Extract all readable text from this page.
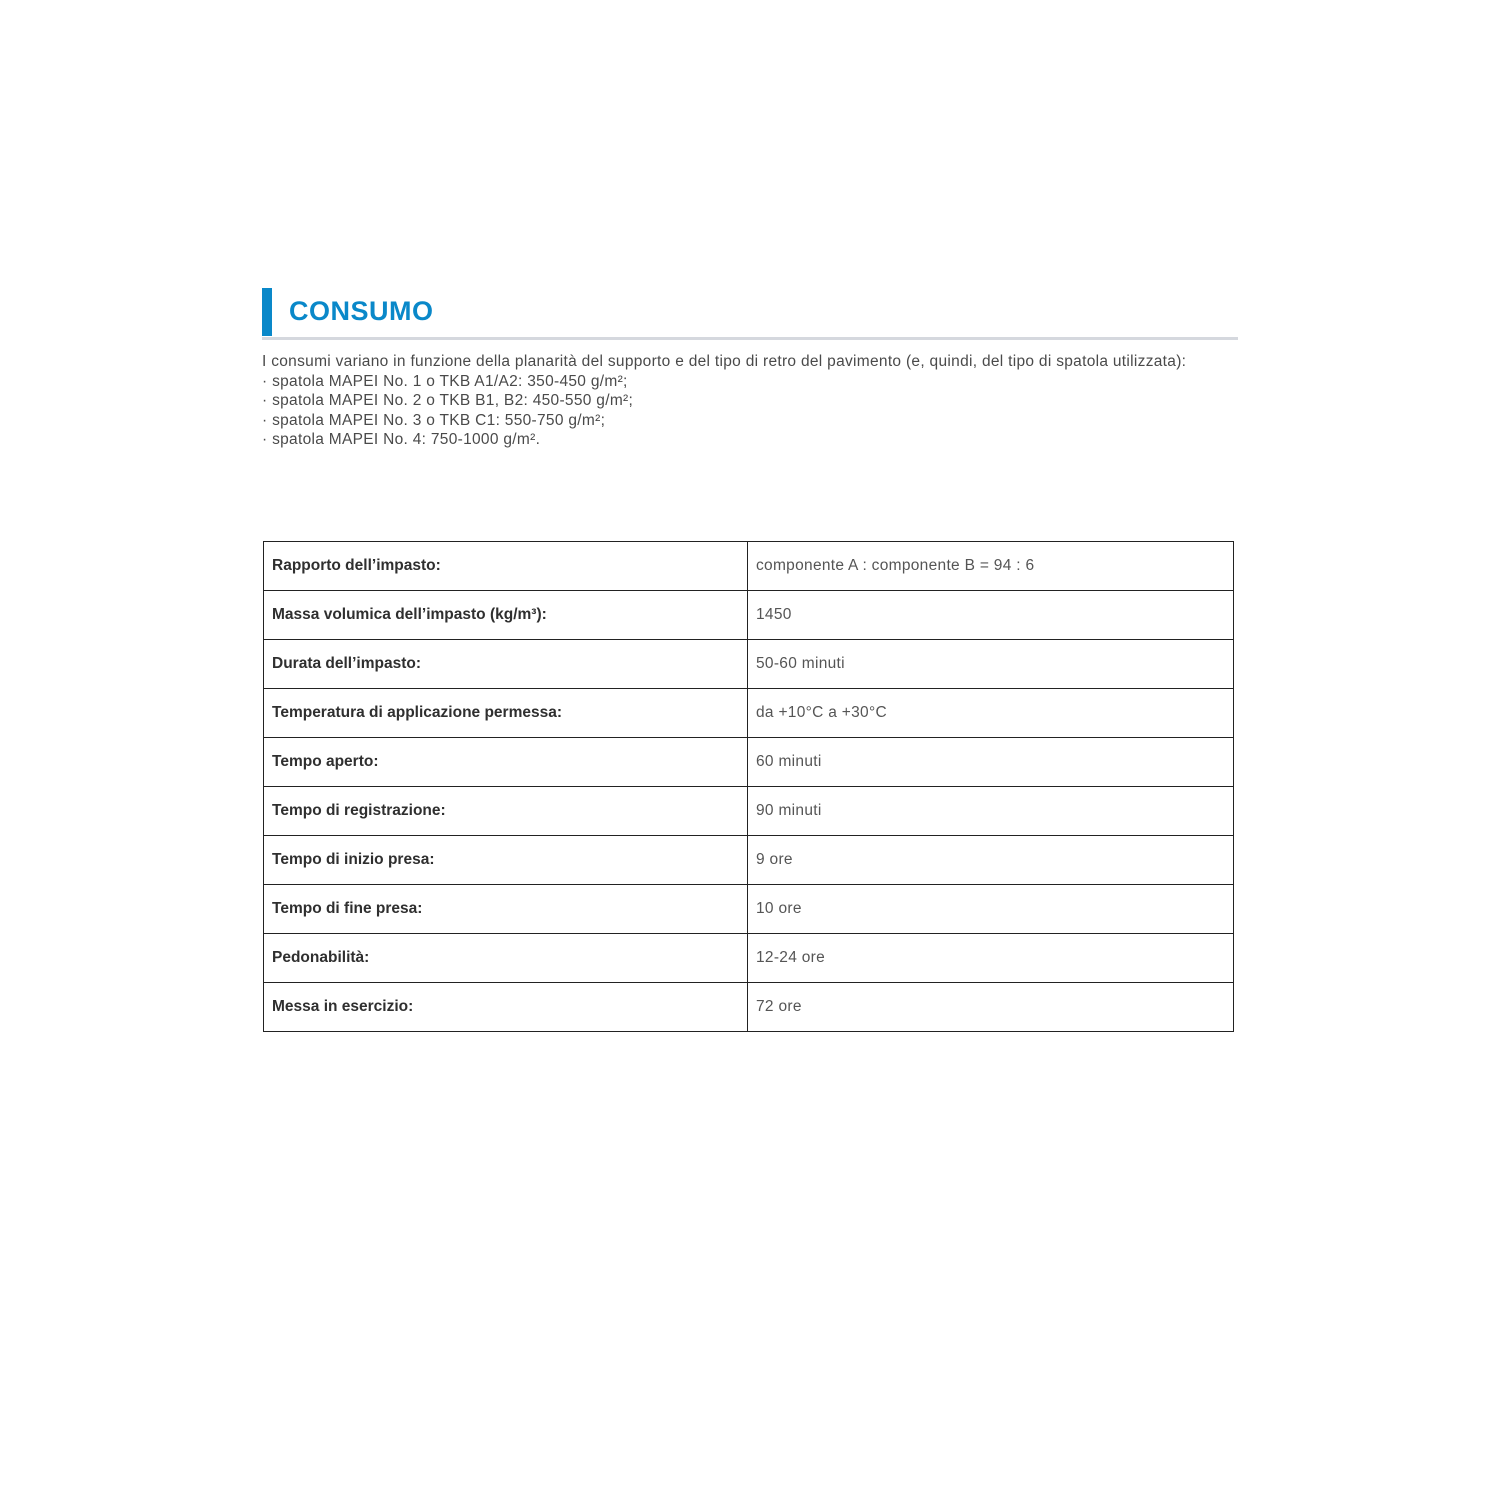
CONSUMO

I consumi variano in funzione della planarità del supporto e del tipo di retro del pavimento (e, quindi, del tipo di spatola utilizzata):

· spatola MAPEI No. 1 o TKB A1/A2: 350-450 g/m²;
· spatola MAPEI No. 2 o TKB B1, B2: 450-550 g/m²;
· spatola MAPEI No. 3 o TKB C1: 550-750 g/m²;
· spatola MAPEI No. 4: 750-1000 g/m².
Rapporto dell’impasto:	componente A : componente B = 94 : 6
Massa volumica dell’impasto (kg/m³):	1450
Durata dell’impasto:	50-60 minuti
Temperatura di applicazione permessa:	da +10°C a +30°C
Tempo aperto:	60 minuti
Tempo di registrazione:	90 minuti
Tempo di inizio presa:	9 ore
Tempo di fine presa:	10 ore
Pedonabilità:	12-24 ore
Messa in esercizio:	72 ore
